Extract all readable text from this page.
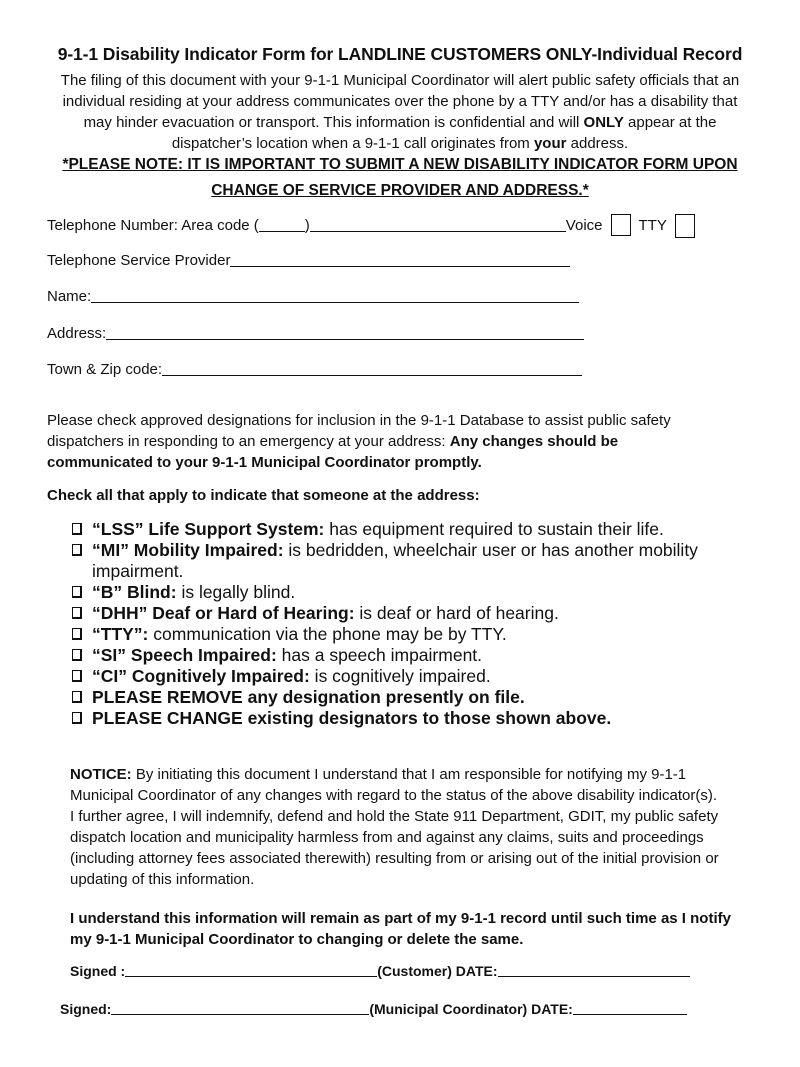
9-1-1 Disability Indicator Form for LANDLINE CUSTOMERS ONLY-Individual Record
The filing of this document with your 9-1-1 Municipal Coordinator will alert public safety officials that an
individual residing at your address communicates over the phone by a TTY and/or has a disability that
may hinder evacuation or transport. This information is confidential and will ONLY appear at the
dispatcher’s location when a 9-1-1 call originates from your address.
*PLEASE NOTE: IT IS IMPORTANT TO SUBMIT A NEW DISABILITY INDICATOR FORM UPON
CHANGE OF SERVICE PROVIDER AND ADDRESS.*
Telephone Number: Area code (	)	Voice TTY
Telephone Service Provider
Name:
Address:
Town & Zip code:
Please check approved designations for inclusion in the 9-1-1 Database to assist public safety dispatchers in responding to an emergency at your address: Any changes should be communicated to your 9-1-1 Municipal Coordinator promptly.
Check all that apply to indicate that someone at the address:
“LSS” Life Support System: has equipment required to sustain their life.
“MI” Mobility Impaired: is bedridden, wheelchair user or has another mobility impairment.
“B” Blind: is legally blind.
“DHH” Deaf or Hard of Hearing: is deaf or hard of hearing.
“TTY”: communication via the phone may be by TTY.
“SI” Speech Impaired: has a speech impairment.
“CI” Cognitively Impaired: is cognitively impaired.
PLEASE REMOVE any designation presently on file.
PLEASE CHANGE existing designators to those shown above.
NOTICE: By initiating this document I understand that I am responsible for notifying my 9-1-1 Municipal Coordinator of any changes with regard to the status of the above disability indicator(s). I further agree, I will indemnify, defend and hold the State 911 Department, GDIT, my public safety dispatch location and municipality harmless from and against any claims, suits and proceedings (including attorney fees associated therewith) resulting from or arising out of the initial provision or updating of this information.
I understand this information will remain as part of my 9-1-1 record until such time as I notify my 9-1-1 Municipal Coordinator to changing or delete the same.
Signed :	(Customer) DATE:
Signed:	(Municipal Coordinator) DATE:
